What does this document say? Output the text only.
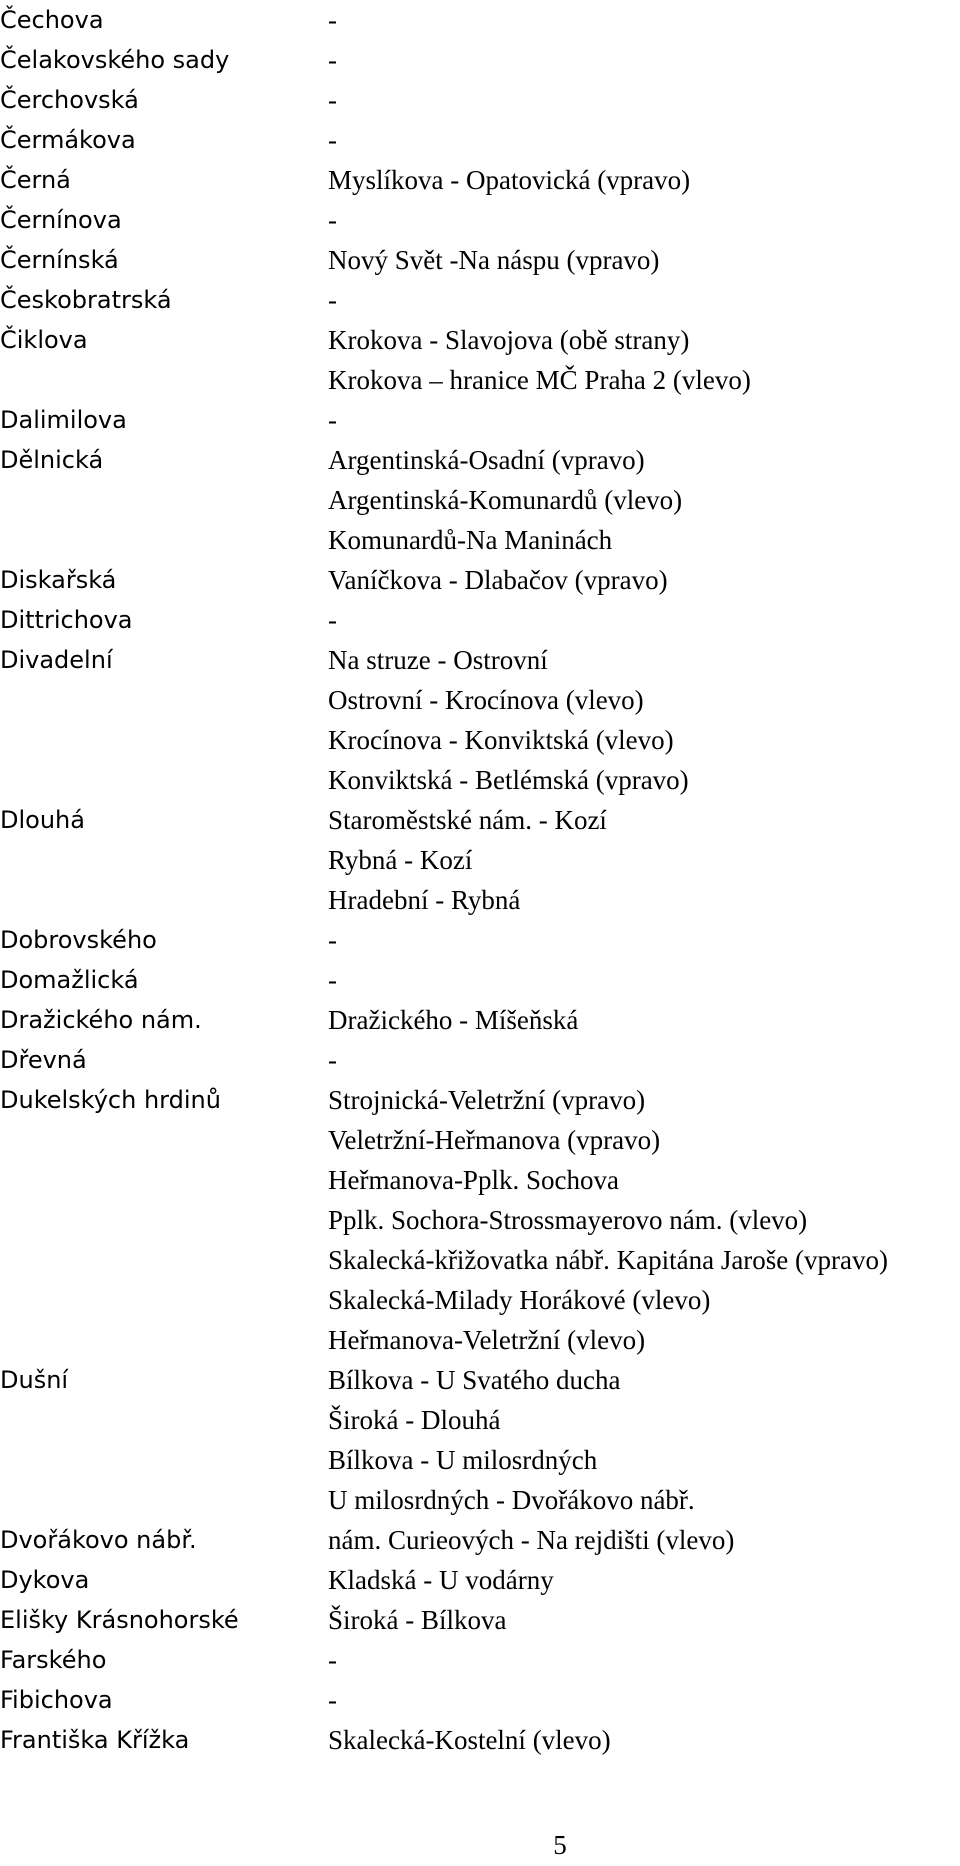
Čechova	-
Čelakovského sady	-
Čerchovská	-
Čermákova	-
Černá	Myslíkova - Opatovická (vpravo)
Černínova	-
Černínská	Nový Svět -Na náspu (vpravo)
Českobratrská	-
Čiklova	Krokova - Slavojova (obě strany)
Krokova – hranice MČ Praha 2 (vlevo)
Dalimilova	-
Dělnická	Argentinská-Osadní (vpravo)
Argentinská-Komunardů (vlevo)
Komunardů-Na Maninách
Diskařská	Vaníčkova - Dlabačov (vpravo)
Dittrichova	-
Divadelní	Na struze - Ostrovní
Ostrovní - Krocínova (vlevo)
Krocínova - Konviktská (vlevo)
Konviktská - Betlémská (vpravo)
Dlouhá	Staroměstské nám. - Kozí
Rybná - Kozí
Hradební - Rybná
Dobrovského	-
Domažlická	-
Dražického nám.	Dražického - Míšeňská
Dřevná	-
Dukelských hrdinů	Strojnická-Veletržní (vpravo)
Veletržní-Heřmanova (vpravo)
Heřmanova-Pplk. Sochova
Pplk. Sochora-Strossmayerovo nám. (vlevo)
Skalecká-křižovatka nábř. Kapitána Jaroše (vpravo)
Skalecká-Milady Horákové (vlevo)
Heřmanova-Veletržní (vlevo)
Dušní	Bílkova - U Svatého ducha
Široká - Dlouhá
Bílkova - U milosrdných
U milosrdných - Dvořákovo nábř.
Dvořákovo nábř.	nám. Curieových - Na rejdišti (vlevo)
Dykova	Kladská - U vodárny
Elišky Krásnohorské	Široká - Bílkova
Farského	-
Fibichova	-
Františka Křížka	Skalecká-Kostelní (vlevo)
5
